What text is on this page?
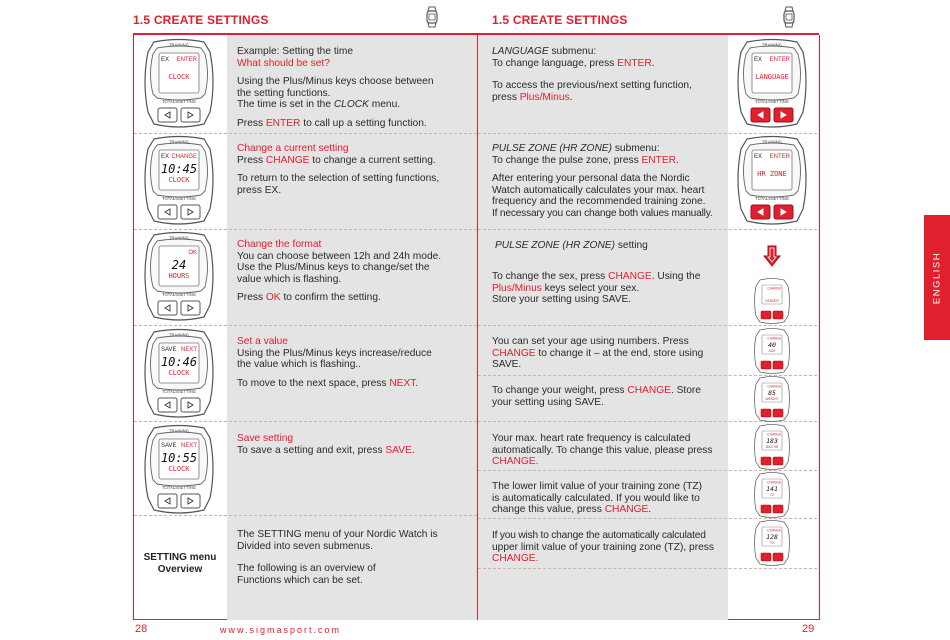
1.5 CREATE SETTINGS
Example: Setting the time
What should be set?
Using the Plus/Minus keys choose between
the setting functions.
The time is set in the CLOCK menu.
Press ENTER to call up a setting function.
Change a current setting
Press CHANGE to change a current setting.
To return to the selection of setting functions,
press EX.
Change the format
You can choose between 12h and 24h mode.
Use the Plus/Minus keys to change/set the
value which is flashing.
Press OK to confirm the setting.
Set a value
Using the Plus/Minus keys increase/reduce
the value which is flashing..
To move to the next space, press NEXT.
Save setting
To save a setting and exit, press SAVE.
The SETTING menu of your Nordic Watch is
Divided into seven submenus.
The following is an overview of
Functions which can be set.
SETTING menu
Overview
28	www.sigmasport.com
1.5 CREATE SETTINGS
ENGLISH
LANGUAGE submenu:
To change language, press ENTER.
To access the previous/next setting function,
press Plus/Minus.
PULSE ZONE (HR ZONE) submenu:
To change the pulse zone, press ENTER.
After entering your personal data the Nordic
Watch automatically calculates your max. heart
frequency and the recommended training zone.
If necessary you can change both values manually.
PULSE ZONE (HR ZONE) setting
To change the sex, press CHANGE. Using the
Plus/Minus keys select your sex.
Store your setting using SAVE.
You can set your age using numbers. Press
CHANGE to change it – at the end, store using
SAVE.
To change your weight, press CHANGE. Store
your setting using SAVE.
Your max. heart rate frequency is calculated
automatically. To change this value, please press
CHANGE.
The lower limit value of your training zone (TZ)
is automatically calculated. If you would like to
change this value, press CHANGE.
If you wish to change the automatically calculated
upper limit value of your training zone (TZ), press
CHANGE.
29
TRAINING
EX ENTER
CLOCK
TOTALS SETTING
TRAINING
EX CHANGE
10:45
CLOCK
TOTALS SETTING
TRAINING
OK
24
HOURS
TOTALS SETTING
TRAINING
SAVE NEXT
10:46
CLOCK
TOTALS SETTING
TRAINING
SAVE NEXT
10:55
CLOCK
TOTALS SETTING
TRAINING
EX ENTER
LANGUAGE
TOTALS SETTING
TRAINING
EX ENTER
HR ZONE
TOTALS SETTING
CHANGE
GENDER
CHANGE
40
AGE
CHANGE
85
WEIGHT
CHANGE
183
MAX HR
CHANGE
141
TZ
CHANGE
128
TZ
